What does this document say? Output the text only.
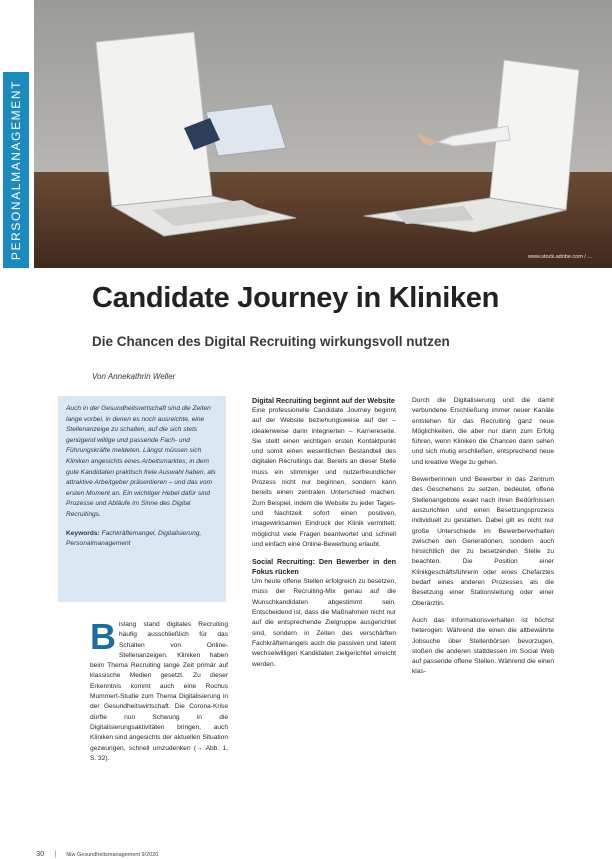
PERSONALMANAGEMENT	www.stock.adobe.com / ...
Candidate Journey in Kliniken
Die Chancen des Digital Recruiting wirkungsvoll nutzen

Von Annekathrin Weller

Auch in der Gesundheitswirtschaft sind die Zeiten lange vorbei, in denen es noch ausreichte, eine Stellenanzeige zu schalten, auf die sich stets genügend willige und passende Fach- und Führungskräfte meldeten. Längst müssen sich Kliniken angesichts eines Arbeitsmarktes, in dem gute Kandidaten praktisch freie Auswahl haben, als attraktive Arbeitgeber präsentieren – und das vom ersten Moment an. Ein wichtiger Hebel dafür sind Prozesse und Abläufe im Sinne des Digital Recruitings.

Keywords: Fachkräftemangel, Digitalisierung, Personalmanagement

Bislang stand digitales Recruiting häufig ausschließlich für das Schalten von Online-Stellenanzeigen. Kliniken haben beim Thema Recruiting lange Zeit primär auf klassische Medien gesetzt. Zu dieser Erkenntnis kommt auch eine Rochus Mummert-Studie zum Thema Digitalisierung in der Gesundheitswirtschaft. Die Corona-Krise dürfte nun Schwung in die Digitalisierungsaktivitäten bringen, auch Kliniken sind angesichts der aktuellen Situation gezwungen, schnell umzudenken (→ Abb. 1, S. 32).

Digital Recruiting beginnt auf der Website

Eine professionelle Candidate Journey beginnt auf der Website beziehungsweise auf der – idealerweise darin integrierten – Karriereseite. Sie stellt einen wichtigen ersten Kontaktpunkt und somit einen wesentlichen Bestandteil des digitalen Recruitings dar. Bereits an dieser Stelle muss ein stimmiger und nutzerfreundlicher Prozess nicht nur beginnen, sondern kann bereits einen zentralen Unterschied machen. Zum Beispiel, indem die Website zu jeder Tages- und Nachtzeit sofort einen positiven, imagewirksamen Eindruck der Klinik vermittelt, möglichst viele Fragen beantwortet und schnell und einfach eine Online-Bewerbung erlaubt.

Social Recruiting: Den Bewerber in den Fokus rücken

Um heute offene Stellen erfolgreich zu besetzen, muss der Recruiting-Mix genau auf die Wunschkandidaten abgestimmt sein. Entscheidend ist, dass die Maßnahmen nicht nur auf die entsprechende Zielgruppe ausgerichtet sind, sondern in Zeiten des verschärften Fachkräftemangels auch die passiven und latent wechselwilligen Kandidaten zielgerichtet erreicht werden.

Durch die Digitalisierung und die damit verbundene Erschließung immer neuer Kanäle entstehen für das Recruiting ganz neue Möglichkeiten, die aber nur dann zum Erfolg führen, wenn Kliniken die Chancen darin sehen und sich mutig erschließen, entsprechend neue und kreative Wege zu gehen.

Bewerberinnen und Bewerber in das Zentrum des Geschehens zu setzen, bedeutet, offene Stellenangebote exakt nach ihren Bedürfnissen auszurichten und einen Besetzungsprozess individuell zu gestalten. Dabei gilt es nicht nur große Unterschiede im Bewerberverhalten zwischen den Generationen, sondern auch hinsichtlich der zu besetzenden Stelle zu beachten. Die Position einer Klinikgeschäftsführerin oder eines Chefarztes bedarf eines anderen Prozesses als die Besetzung einer Stationsleitung oder einer Oberärztin.

Auch das Informationsverhalten ist höchst heterogen: Während die einen die altbewährte Jobsuche über Stellenbörsen bevorzugen, stoßen die anderen stattdessen im Social Web auf passende offene Stellen. Während die einen klas-

30 | f&w Gesundheitsmanagement 9/2020
